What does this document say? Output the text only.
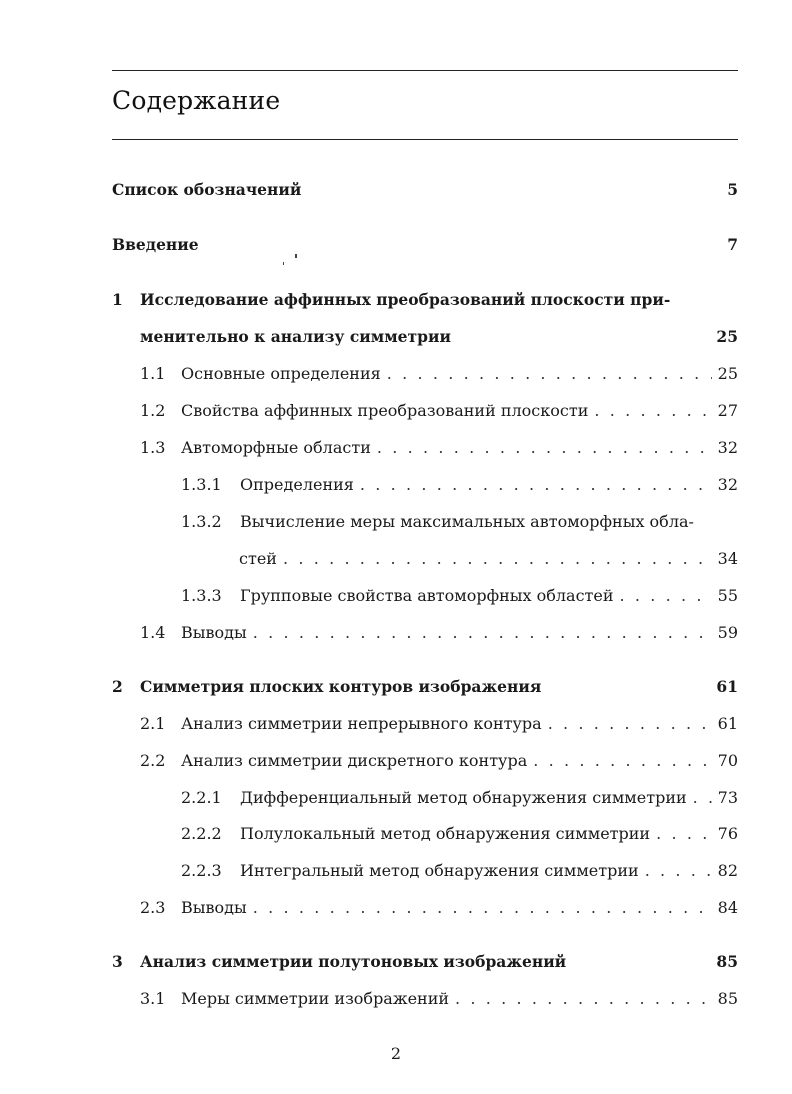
Содержание
Список обозначений	5
Введение	7
1	Исследование аффинных преобразований плоскости при-
менительно к анализу симметрии	25
1.1 Основные определения . . .	25
1.2 Свойства аффинных преобразований плоскости . . .	27
1.3 Автоморфные области . . .	32
1.3.1	Определения . . .	32
1.3.2	Вычисление меры максимальных автоморфных обла-
стей . . .	34
1.3.3	Групповые свойства автоморфных областей . . .	55
1.4 Выводы . . .	59
2	Симметрия плоских контуров изображения	61
2.1 Анализ симметрии непрерывного контура . . .	61
2.2 Анализ симметрии дискретного контура . . .	70
2.2.1	Дифференциальный метод обнаружения симметрии . . . 73
2.2.2	Полулокальный метод обнаружения симметрии . . .	76
2.2.3	Интегральный метод обнаружения симметрии . . .	82
2.3 Выводы . . .	84
3	Анализ симметрии полутоновых изображений	85
3.1 Меры симметрии изображений . . .	85
2
